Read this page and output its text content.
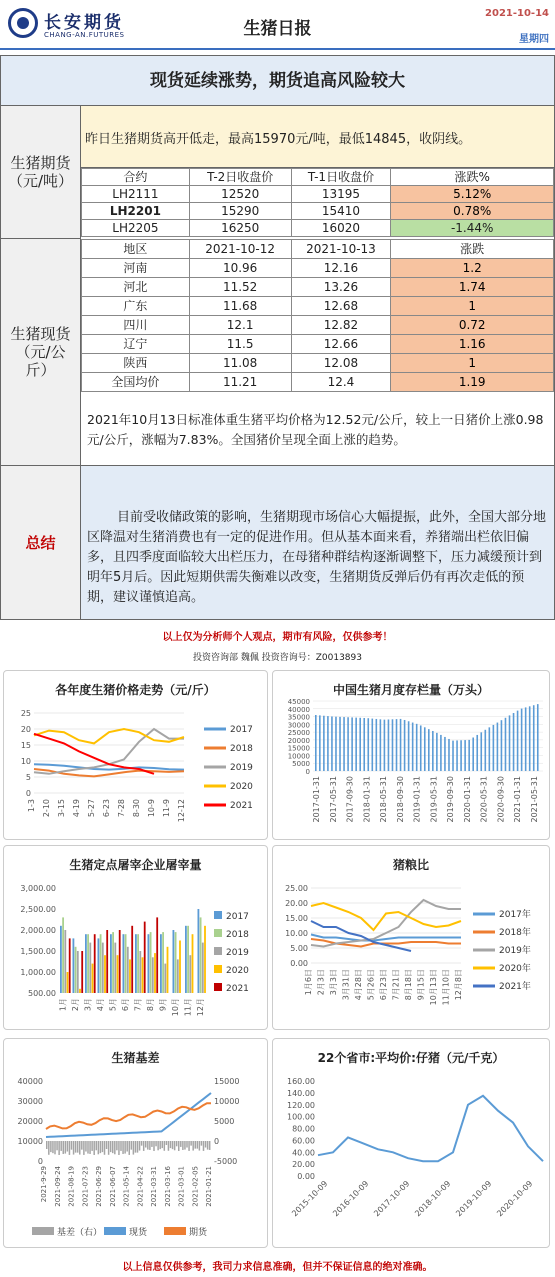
长安期货
CHANG-AN.FUTURES	生猪日报
2021-10-14
星期四
现货延续涨势，期货追高风险较大
生猪期货（元/吨）
昨日生猪期货高开低走，最高15970元/吨，最低14845，收阴线。
合约	T-2日收盘价	T-1日收盘价	涨跌%
LH2111	12520	13195	5.12%
LH2201	15290	15410	0.78%
LH2205	16250	16020	-1.44%
生猪现货（元/公斤）
地区	2021-10-12	2021-10-13	涨跌
河南	10.96	12.16	1.2
河北	11.52	13.26	1.74
广东	11.68	12.68	1
四川	12.1	12.82	0.72
辽宁	11.5	12.66	1.16
陕西	11.08	12.08	1
全国均价	11.21	12.4	1.19
2021年10月13日标准体重生猪平均价格为12.52元/公斤，较上一日猪价上涨0.98元/公斤，涨幅为7.83%。全国猪价呈现全面上涨的趋势。
总结
目前受收储政策的影响，生猪期现市场信心大幅提振，此外，全国大部分地区降温对生猪消费也有一定的促进作用。但从基本面来看，养猪端出栏依旧偏多，且四季度面临较大出栏压力，在母猪种群结构逐渐调整下，压力减缓预计到明年5月后。因此短期供需失衡难以改变，生猪期货反弹后仍有再次走低的预期，建议谨慎追高。
以上仅为分析师个人观点，期市有风险，仅供参考！
投资咨询部 魏佩 投资咨询号：Z0013893
各年度生猪价格走势（元/斤）
0
5
10
15
20
25
1-3 2-10 3-15 4-19 5-27 6-23 7-28 8-30 10-9 11-9 12-12
2017
2018
2019
2020
2021
中国生猪月度存栏量（万头）
0
5000
10000
15000
20000
25000
30000
35000
40000
45000
2017-01-31 2017-05-31 2017-09-30 2018-01-31 2018-05-31 2018-09-30 2019-01-31 2019-05-31 2019-09-30 2020-01-31 2020-05-31 2020-09-30 2021-01-31 2021-05-31
生猪定点屠宰企业屠宰量
500.00
1,000.00
1,500.00
2,000.00
2,500.00
3,000.00
1月 2月 3月 4月 5月 6月 7月 8月 9月 10月 11月 12月
2017
2018
2019
2020
2021
猪粮比
0.00
5.00
10.00
15.00
20.00
25.00
1月6日 2月3日 3月3日 3月31日 4月28日 5月26日 6月23日 7月21日 8月18日 9月15日 10月13日 11月10日 12月8日
2017年
2018年
2019年
2020年
2021年
生猪基差
0
10000
20000
30000
40000
-5000
0
5000
10000
15000
2021-9-29 2021-09-24 2021-08-19 2021-07-23 2021-06-29 2021-06-07 2021-05-14 2021-04-22 2021-03-31 2021-03-16 2021-03-01 2021-02-05 2021-01-21
基差（右）	现货	期货
22个省市:平均价:仔猪（元/千克）
0.00
20.00
40.00
60.00
80.00
100.00
120.00
140.00
160.00
2015-10-09 2016-10-09 2017-10-09 2018-10-09 2019-10-09 2020-10-09
以上信息仅供参考，我司力求信息准确，但并不保证信息的绝对准确。
